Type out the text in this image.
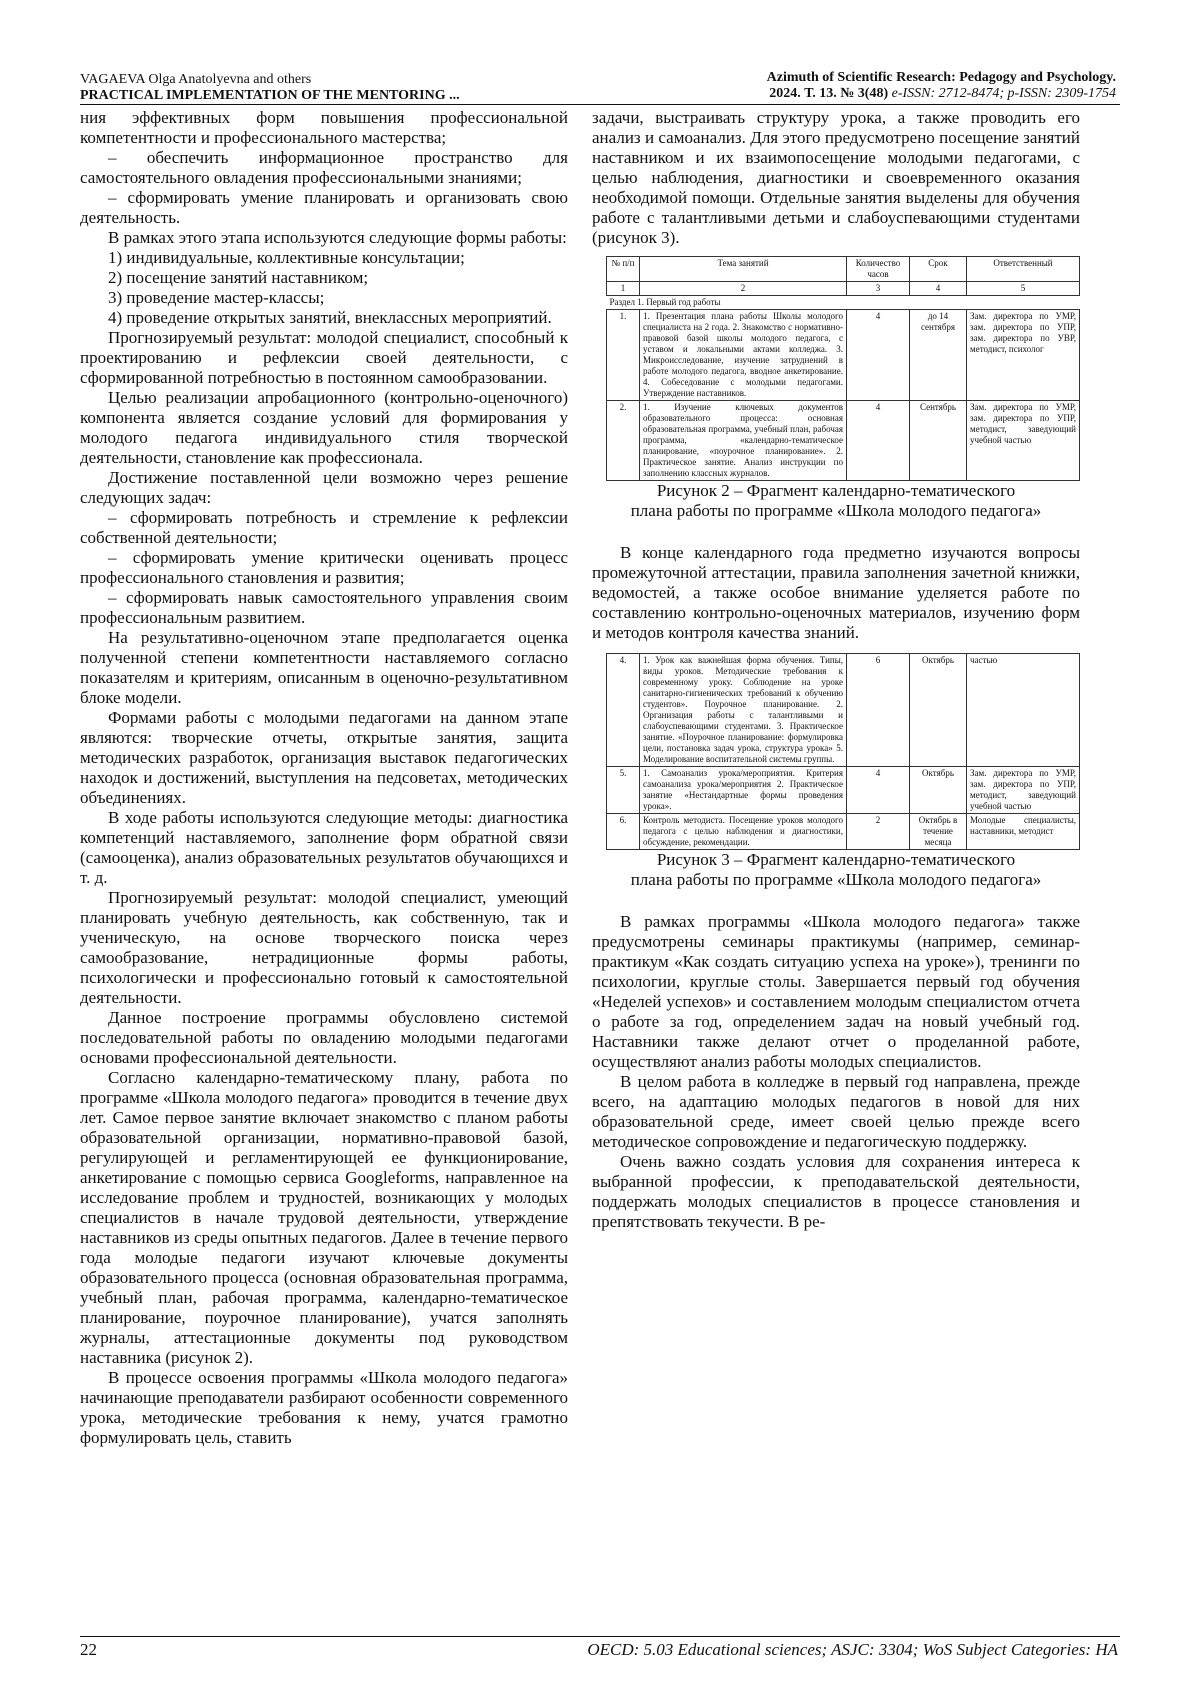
VAGAEVA Olga Anatolyevna and others
PRACTICAL IMPLEMENTATION OF THE MENTORING ...
Azimuth of Scientific Research: Pedagogy and Psychology.
2024. Т. 13. № 3(48) e-ISSN: 2712-8474; p-ISSN: 2309-1754

ния эффективных форм повышения профессиональной компетентности и профессионального мастерства;

– обеспечить информационное пространство для самостоятельного овладения профессиональными знаниями;

– сформировать умение планировать и организовать свою деятельность.

В рамках этого этапа используются следующие формы работы:

1) индивидуальные, коллективные консультации;

2) посещение занятий наставником;

3) проведение мастер-классы;

4) проведение открытых занятий, внеклассных мероприятий.

Прогнозируемый результат: молодой специалист, способный к проектированию и рефлексии своей деятельности, с сформированной потребностью в постоянном самообразовании.

Целью реализации апробационного (контрольно-оценочного) компонента является создание условий для формирования у молодого педагога индивидуального стиля творческой деятельности, становление как профессионала.

Достижение поставленной цели возможно через решение следующих задач:

– сформировать потребность и стремление к рефлексии собственной деятельности;

– сформировать умение критически оценивать процесс профессионального становления и развития;

– сформировать навык самостоятельного управления своим профессиональным развитием.

На результативно-оценочном этапе предполагается оценка полученной степени компетентности наставляемого согласно показателям и критериям, описанным в оценочно-результативном блоке модели.

Формами работы с молодыми педагогами на данном этапе являются: творческие отчеты, открытые занятия, защита методических разработок, организация выставок педагогических находок и достижений, выступления на педсоветах, методических объединениях.

В ходе работы используются следующие методы: диагностика компетенций наставляемого, заполнение форм обратной связи (самооценка), анализ образовательных результатов обучающихся и т. д.

Прогнозируемый результат: молодой специалист, умеющий планировать учебную деятельность, как собственную, так и ученическую, на основе творческого поиска через самообразование, нетрадиционные формы работы, психологически и профессионально готовый к самостоятельной деятельности.

Данное построение программы обусловлено системой последовательной работы по овладению молодыми педагогами основами профессиональной деятельности.

Согласно календарно-тематическому плану, работа по программе «Школа молодого педагога» проводится в течение двух лет. Самое первое занятие включает знакомство с планом работы образовательной организации, нормативно-правовой базой, регулирующей и регламентирующей ее функционирование, анкетирование с помощью сервиса Googleforms, направленное на исследование проблем и трудностей, возникающих у молодых специалистов в начале трудовой деятельности, утверждение наставников из среды опытных педагогов. Далее в течение первого года молодые педагоги изучают ключевые документы образовательного процесса (основная образовательная программа, учебный план, рабочая программа, календарно-тематическое планирование, поурочное планирование), учатся заполнять журналы, аттестационные документы под руководством наставника (рисунок 2).

В процессе освоения программы «Школа молодого педагога» начинающие преподаватели разбирают особенности современного урока, методические требования к нему, учатся грамотно формулировать цель, ставить

задачи, выстраивать структуру урока, а также проводить его анализ и самоанализ. Для этого предусмотрено посещение занятий наставником и их взаимопосещение молодыми педагогами, с целью наблюдения, диагностики и своевременного оказания необходимой помощи. Отдельные занятия выделены для обучения работе с талантливыми детьми и слабоуспевающими студентами (рисунок 3).

№ п/п	Тема занятий	Количество часов	Срок	Ответственный
1	2	3	4	5
Раздел 1. Первый год работы				
1.	1. Презентация плана работы Школы молодого специалиста на 2 года. 2. Знакомство с нормативно-правовой базой школы молодого педагога, с уставом и локальными актами колледжа. 3. Микроисследование, изучение затруднений в работе молодого педагога, вводное анкетирование. 4. Собеседование с молодыми педагогами. Утверждение наставников.	4	до 14 сентября	Зам. директора по УМР, зам. директора по УПР, зам. директора по УВР, методист, психолог
2.	1. Изучение ключевых документов образовательного процесса: основная образовательная программа, учебный план, рабочая программа, «календарно-тематическое планирование, «поурочное планирование». 2. Практическое занятие. Анализ инструкции по заполнению классных журналов.	4	Сентябрь	Зам. директора по УМР, зам. директора по УПР, методист, заведующий учебной частью

Рисунок 2 – Фрагмент календарно-тематического

плана работы по программе «Школа молодого педагога»

В конце календарного года предметно изучаются вопросы промежуточной аттестации, правила заполнения зачетной книжки, ведомостей, а также особое внимание уделяется работе по составлению контрольно-оценочных материалов, изучению форм и методов контроля качества знаний.

4.	1. Урок как важнейшая форма обучения. Типы, виды уроков. Методические требования к современному уроку. Соблюдение на уроке санитарно-гигиенических требований к обучению студентов». Поурочное планирование. 2. Организация работы с талантливыми и слабоуспевающими студентами. 3. Практическое занятие. «Поурочное планирование: формулировка цели, постановка задач урока, структура урока» 5. Моделирование воспитательной системы группы.	6	Октябрь	частью
5.	1. Самоанализ урока/мероприятия. Критерия самоанализа урока/мероприятия 2. Практическое занятие «Нестандартные формы проведения урока».	4	Октябрь	Зам. директора по УМР, зам. директора по УПР, методист, заведующий учебной частью
6.	Контроль методиста. Посещение уроков молодого педагога с целью наблюдения и диагностики, обсуждение, рекомендации.	2	Октябрь в течение месяца	Молодые специалисты, наставники, методист

Рисунок 3 – Фрагмент календарно-тематического

плана работы по программе «Школа молодого педагога»

В рамках программы «Школа молодого педагога» также предусмотрены семинары практикумы (например, семинар-практикум «Как создать ситуацию успеха на уроке»), тренинги по психологии, круглые столы. Завершается первый год обучения «Неделей успехов» и составлением молодым специалистом отчета о работе за год, определением задач на новый учебный год. Наставники также делают отчет о проделанной работе, осуществляют анализ работы молодых специалистов.

В целом работа в колледже в первый год направлена, прежде всего, на адаптацию молодых педагогов в новой для них образовательной среде, имеет своей целью прежде всего методическое сопровождение и педагогическую поддержку.

Очень важно создать условия для сохранения интереса к выбранной профессии, к преподавательской деятельности, поддержать молодых специалистов в процессе становления и препятствовать текучести. В ре-

22	OECD: 5.03 Educational sciences; ASJC: 3304; WoS Subject Categories: HA
